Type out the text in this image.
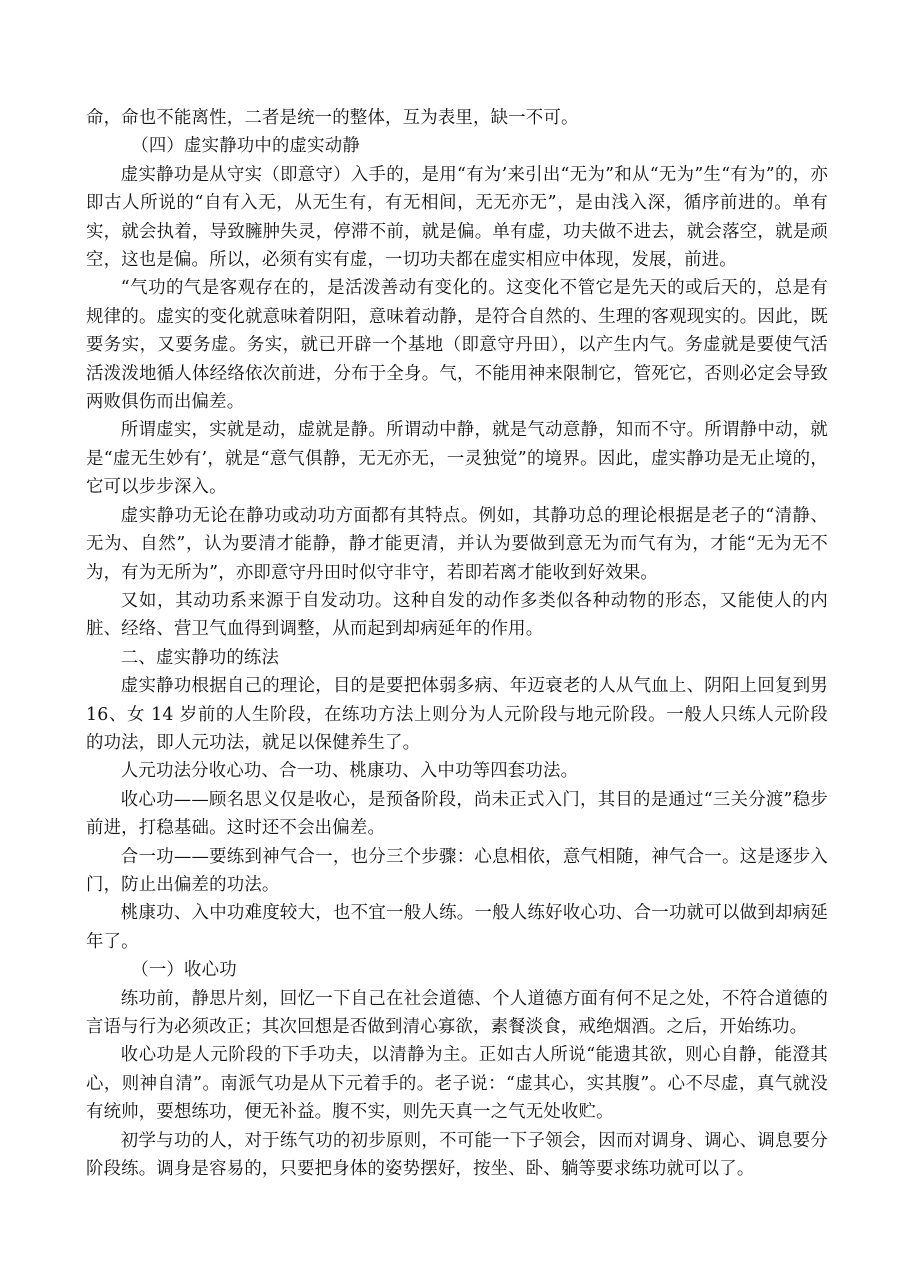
命，命也不能离性，二者是统一的整体，互为表里，缺一不可。

（四）虚实静功中的虚实动静

虚实静功是从守实（即意守）入手的，是用“有为’来引出“无为”和从“无为”生“有为”的，亦即古人所说的“自有入无，从无生有，有无相间，无无亦无”，是由浅入深，循序前进的。单有实，就会执着，导致臃肿失灵，停滞不前，就是偏。单有虚，功夫做不进去，就会落空，就是顽空，这也是偏。所以，必须有实有虚，一切功夫都在虚实相应中体现，发展，前进。

“气功的气是客观存在的，是活泼善动有变化的。这变化不管它是先天的或后天的，总是有规律的。虚实的变化就意味着阴阳，意味着动静，是符合自然的、生理的客观现实的。因此，既要务实，又要务虚。务实，就已开辟一个基地（即意守丹田），以产生内气。务虚就是要使气活活泼泼地循人体经络依次前进，分布于全身。气，不能用神来限制它，管死它，否则必定会导致两败俱伤而出偏差。

所谓虚实，实就是动，虚就是静。所谓动中静，就是气动意静，知而不守。所谓静中动，就是“虚无生妙有’，就是“意气俱静，无无亦无，一灵独觉”的境界。因此，虚实静功是无止境的，它可以步步深入。

虚实静功无论在静功或动功方面都有其特点。例如，其静功总的理论根据是老子的“清静、无为、自然”，认为要清才能静，静才能更清，并认为要做到意无为而气有为，才能“无为无不为，有为无所为”，亦即意守丹田时似守非守，若即若离才能收到好效果。

又如，其动功系来源于自发动功。这种自发的动作多类似各种动物的形态，又能使人的内脏、经络、营卫气血得到调整，从而起到却病延年的作用。

二、虚实静功的练法

虚实静功根据自己的理论，目的是要把体弱多病、年迈衰老的人从气血上、阴阳上回复到男 16、女 14 岁前的人生阶段，在练功方法上则分为人元阶段与地元阶段。一般人只练人元阶段的功法，即人元功法，就足以保健养生了。

人元功法分收心功、合一功、桃康功、入中功等四套功法。

收心功——顾名思义仅是收心，是预备阶段，尚未正式入门，其目的是通过“三关分渡”稳步前进，打稳基础。这时还不会出偏差。

合一功——要练到神气合一，也分三个步骤：心息相依，意气相随，神气合一。这是逐步入门，防止出偏差的功法。

桃康功、入中功难度较大，也不宜一般人练。一般人练好收心功、合一功就可以做到却病延年了。

（一）收心功

练功前，静思片刻，回忆一下自己在社会道德、个人道德方面有何不足之处，不符合道德的言语与行为必须改正；其次回想是否做到清心寡欲，素餐淡食，戒绝烟酒。之后，开始练功。

收心功是人元阶段的下手功夫，以清静为主。正如古人所说“能遗其欲，则心自静，能澄其心，则神自清”。南派气功是从下元着手的。老子说：“虚其心，实其腹”。心不尽虚，真气就没有统帅，要想练功，便无补益。腹不实，则先天真一之气无处收贮。

初学与功的人，对于练气功的初步原则，不可能一下子领会，因而对调身、调心、调息要分阶段练。调身是容易的，只要把身体的姿势摆好，按坐、卧、躺等要求练功就可以了。
